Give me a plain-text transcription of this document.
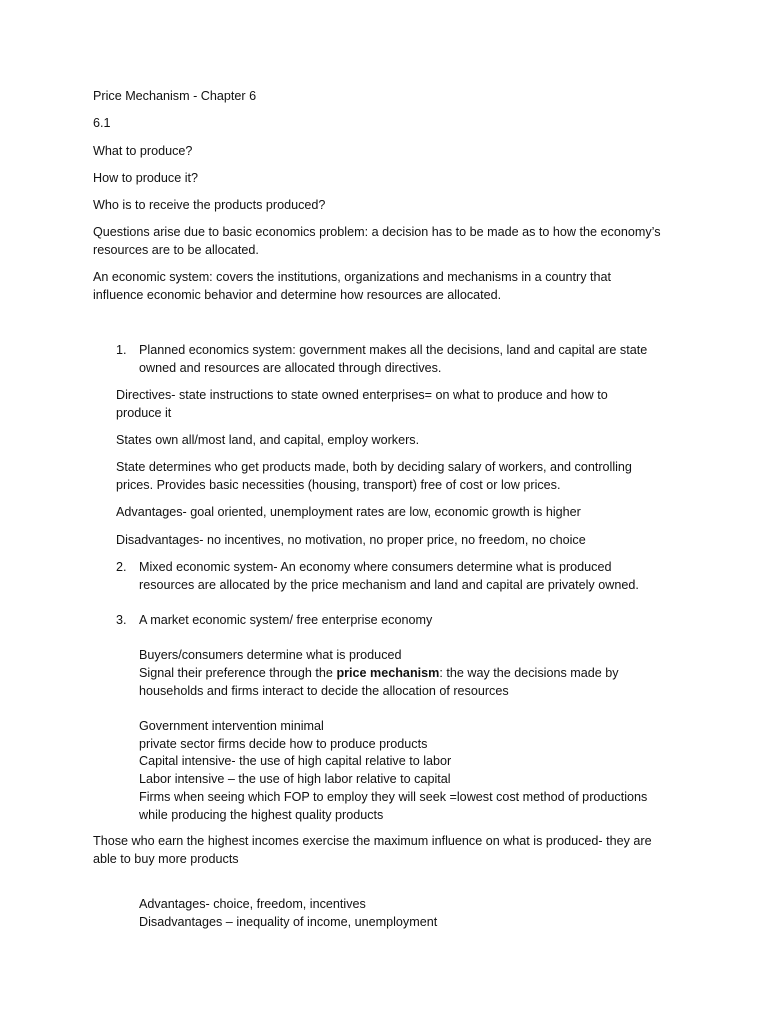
Price Mechanism - Chapter 6

6.1

What to produce?

How to produce it?

Who is to receive the products produced?

Questions arise due to basic economics problem: a decision has to be made as to how the economy’s

resources are to be allocated.

An economic system: covers the institutions, organizations and mechanisms in a country that

influence economic behavior and determine how resources are allocated.

1. Planned economics system: government makes all the decisions, land and capital are state

owned and resources are allocated through directives.

Directives- state instructions to state owned enterprises= on what to produce and how to

produce it

States own all/most land, and capital, employ workers.

State determines who get products made, both by deciding salary of workers, and controlling

prices. Provides basic necessities (housing, transport) free of cost or low prices.

Advantages- goal oriented, unemployment rates are low, economic growth is higher

Disadvantages- no incentives, no motivation, no proper price, no freedom, no choice

2. Mixed economic system- An economy where consumers determine what is produced

resources are allocated by the price mechanism and land and capital are privately owned.

3. A market economic system/ free enterprise economy

Buyers/consumers determine what is produced

Signal their preference through the price mechanism: the way the decisions made by

households and firms interact to decide the allocation of resources

Government intervention minimal

private sector firms decide how to produce products

Capital intensive- the use of high capital relative to labor

Labor intensive – the use of high labor relative to capital

Firms when seeing which FOP to employ they will seek =lowest cost method of productions

while producing the highest quality products

Those who earn the highest incomes exercise the maximum influence on what is produced- they are

able to buy more products

Advantages- choice, freedom, incentives

Disadvantages – inequality of income, unemployment
